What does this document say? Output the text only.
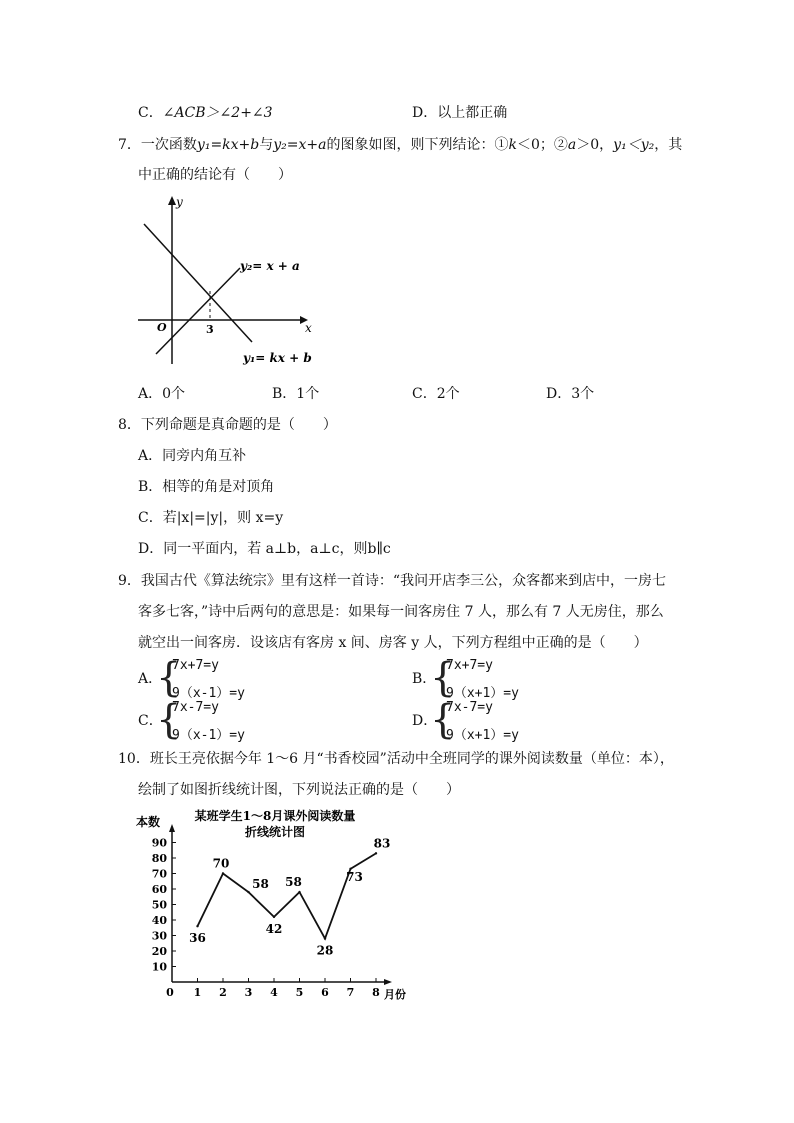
C．∠ACB＞∠2+∠3	D．以上都正确
7．一次函数y₁=kx+b与y₂=x+a的图象如图，则下列结论：①k＜0；②a＞0，y₁＜y₂，其
中正确的结论有（　　）
y
x
O	3
y₂= x + a
y₁= kx + b
A．0个	B．1个	C．2个	D．3个
8．下列命题是真命题的是（　　）
A．同旁内角互补
B．相等的角是对顶角
C．若|x|=|y|，则 x=y
D．同一平面内，若 a⊥b，a⊥c，则b∥c
9．我国古代《算法统宗》里有这样一首诗：“我问开店李三公，众客都来到店中，一房七
客多七客，”诗中后两句的意思是：如果每一间客房住 7 人，那么有 7 人无房住，那么
就空出一间客房．设该店有客房 x 间、房客 y 人，下列方程组中正确的是（　　）
A．
{
7x+7=y
9（x-1）=y
B．
{
7x+7=y
9（x+1）=y
C．
{
7x-7=y
9（x-1）=y
D．
{
7x-7=y
9（x+1）=y
10．班长王亮依据今年 1～6 月“书香校园”活动中全班同学的课外阅读数量（单位：本），
绘制了如图折线统计图，下列说法正确的是（　　）
某班学生1～8月课外阅读数量
折线统计图
本数
10
20
30
40
50
60
70
80
90
0 1 2 3 4 5 6 7 8 月份
36
70
58
42
58
28
73
83
